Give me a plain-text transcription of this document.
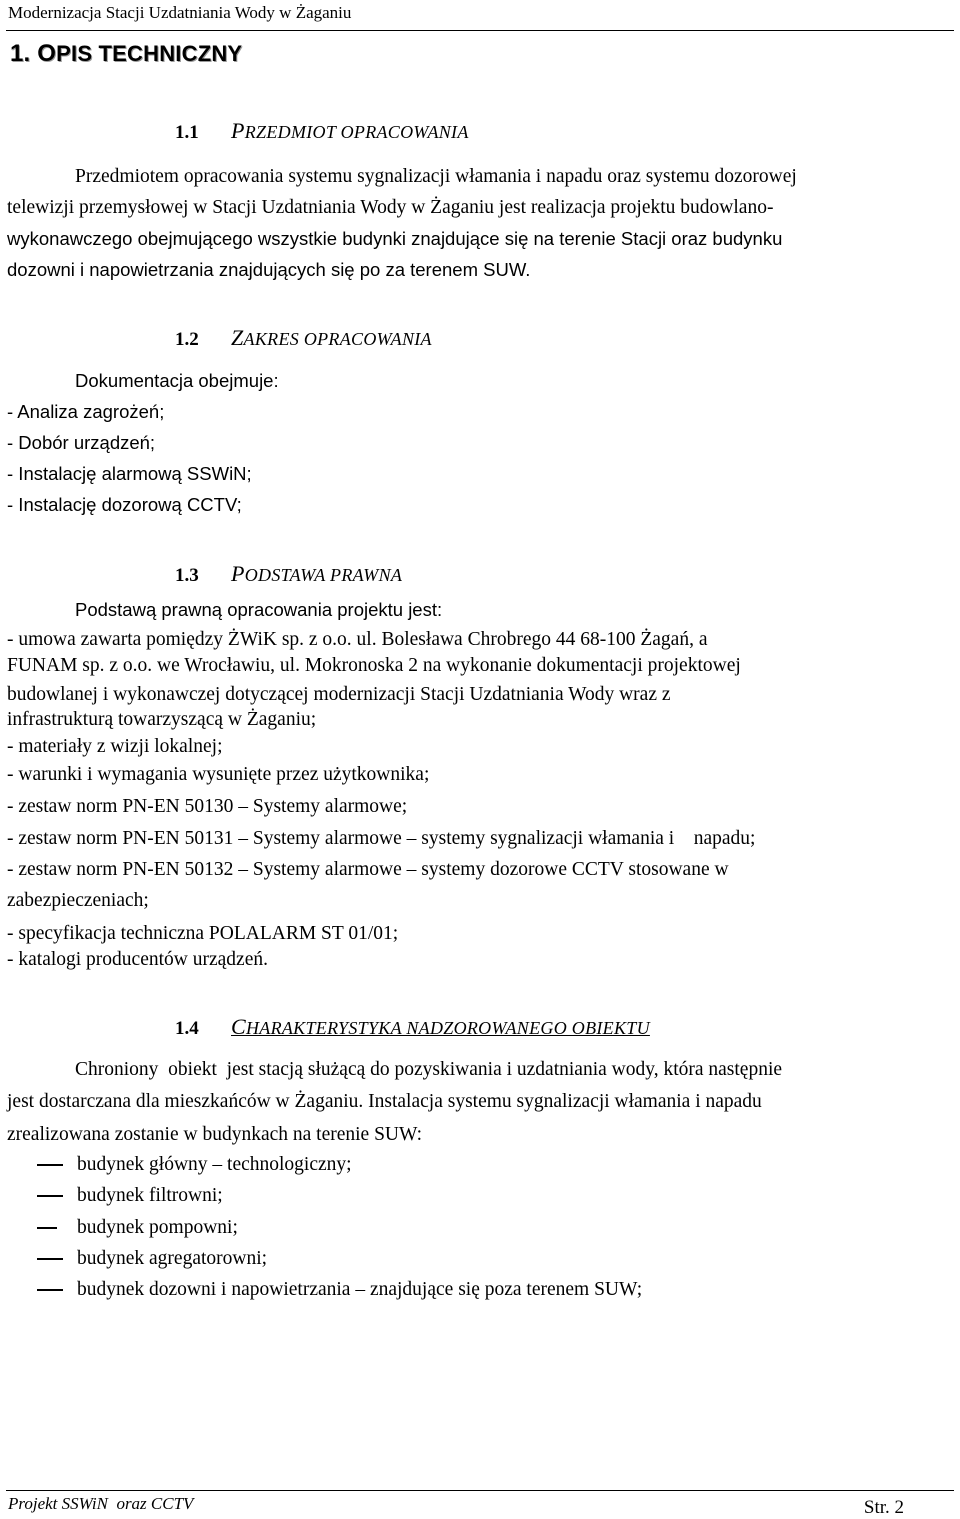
Modernizacja Stacji Uzdatniania Wody w Żaganiu
1. OPIS TECHNICZNY
1.1 PRZEDMIOT OPRACOWANIA
Przedmiotem opracowania systemu sygnalizacji włamania i napadu oraz systemu dozorowej
telewizji przemysłowej w Stacji Uzdatniania Wody w Żaganiu jest realizacja projektu budowlano-
wykonawczego obejmującego wszystkie budynki znajdujące się na terenie Stacji oraz budynku
dozowni i napowietrzania znajdujących się po za terenem SUW.
1.2 ZAKRES OPRACOWANIA
Dokumentacja obejmuje:
- Analiza zagrożeń;
- Dobór urządzeń;
- Instalację alarmową SSWiN;
- Instalację dozorową CCTV;
1.3 PODSTAWA PRAWNA
Podstawą prawną opracowania projektu jest:
- umowa zawarta pomiędzy ŻWiK sp. z o.o. ul. Bolesława Chrobrego 44 68-100 Żagań, a
FUNAM sp. z o.o. we Wrocławiu, ul. Mokronoska 2 na wykonanie dokumentacji projektowej
budowlanej i wykonawczej dotyczącej modernizacji Stacji Uzdatniania Wody wraz z
infrastrukturą towarzyszącą w Żaganiu;
- materiały z wizji lokalnej;
- warunki i wymagania wysunięte przez użytkownika;
- zestaw norm PN-EN 50130 – Systemy alarmowe;
- zestaw norm PN-EN 50131 – Systemy alarmowe – systemy sygnalizacji włamania i    napadu;
- zestaw norm PN-EN 50132 – Systemy alarmowe – systemy dozorowe CCTV stosowane w
zabezpieczeniach;
- specyfikacja techniczna POLALARM ST 01/01;
- katalogi producentów urządzeń.
1.4 CHARAKTERYSTYKA NADZOROWANEGO OBIEKTU
Chroniony  obiekt  jest stacją służącą do pozyskiwania i uzdatniania wody, która następnie
jest dostarczana dla mieszkańców w Żaganiu. Instalacja systemu sygnalizacji włamania i napadu
zrealizowana zostanie w budynkach na terenie SUW:
budynek główny – technologiczny;
budynek filtrowni;
budynek pompowni;
budynek agregatorowni;
budynek dozowni i napowietrzania – znajdujące się poza terenem SUW;
Projekt SSWiN  oraz CCTV	Str. 2
